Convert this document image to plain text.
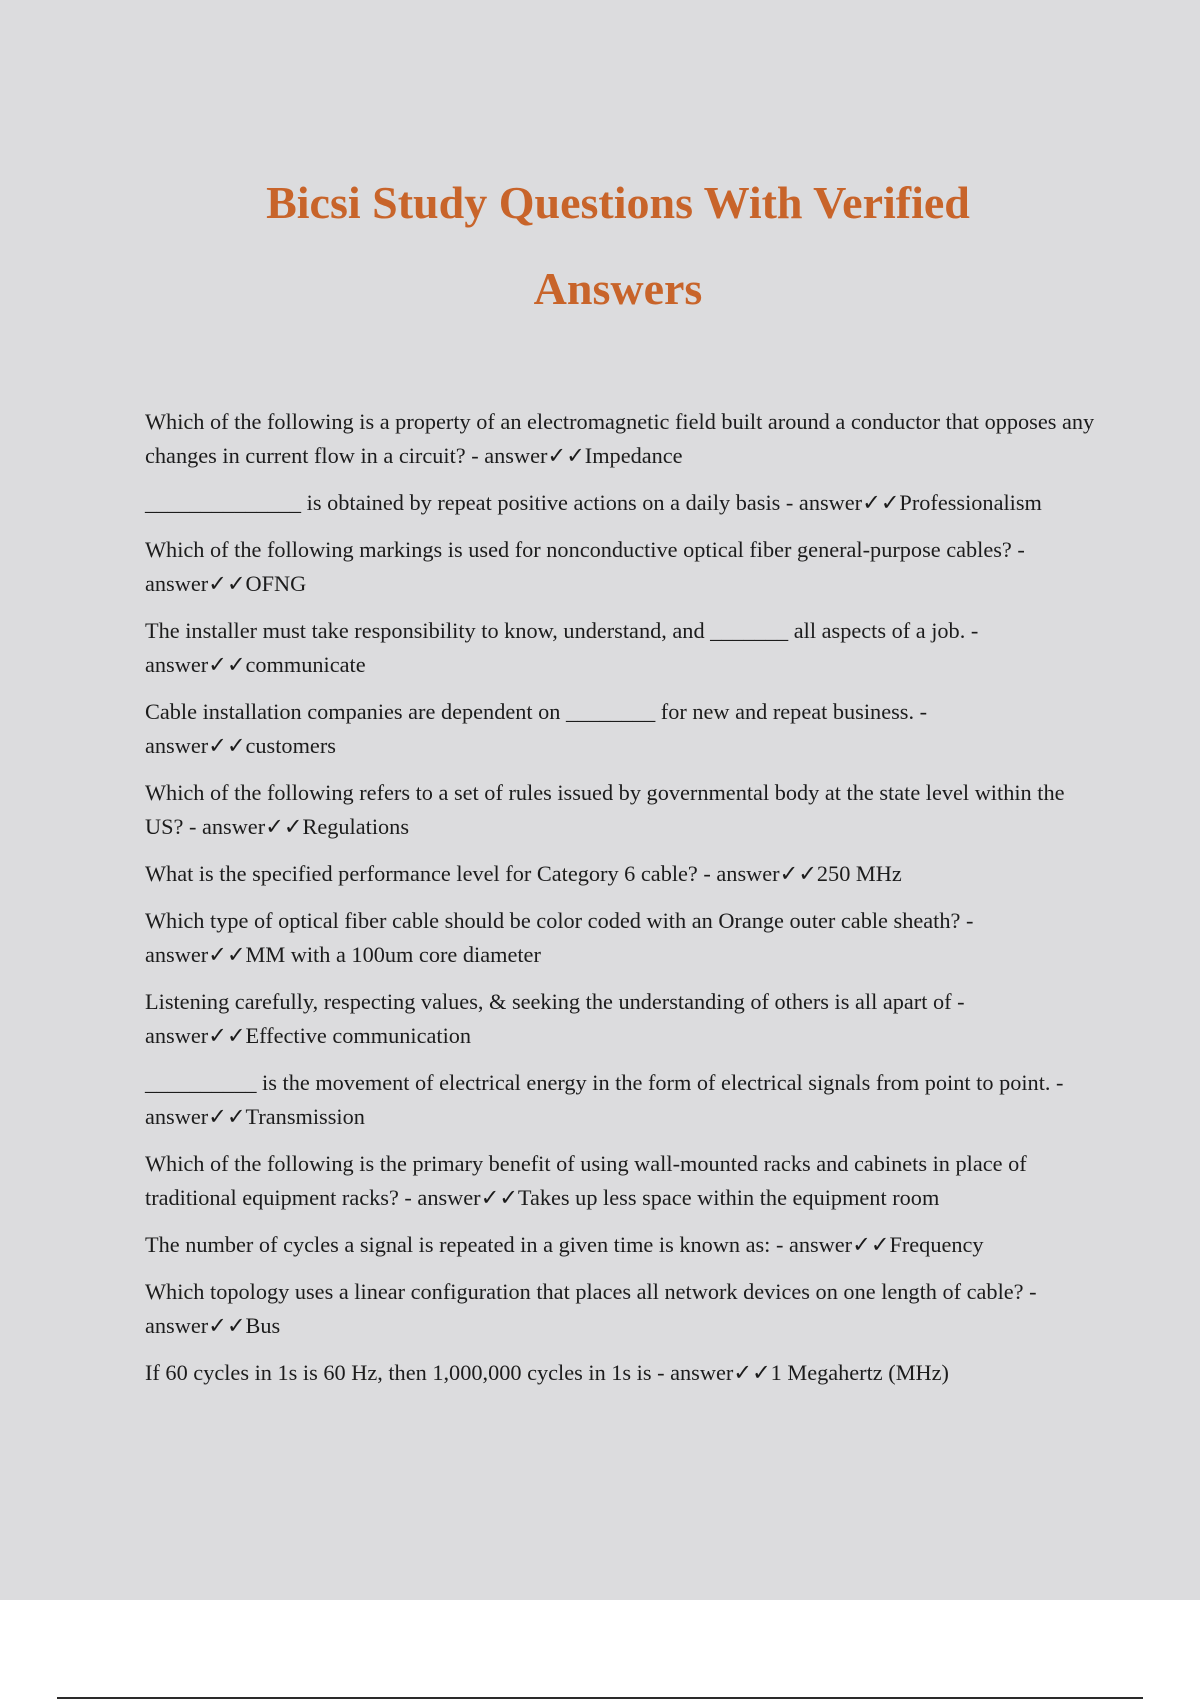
Bicsi Study Questions With Verified
Answers
Which of the following is a property of an electromagnetic field built around a conductor that opposes any changes in current flow in a circuit? - answer✓✓Impedance
______________ is obtained by repeat positive actions on a daily basis - answer✓✓Professionalism
Which of the following markings is used for nonconductive optical fiber general-purpose cables? - answer✓✓OFNG
The installer must take responsibility to know, understand, and _______ all aspects of a job. - answer✓✓communicate
Cable installation companies are dependent on ________ for new and repeat business. - answer✓✓customers
Which of the following refers to a set of rules issued by governmental body at the state level within the US? - answer✓✓Regulations
What is the specified performance level for Category 6 cable? - answer✓✓250 MHz
Which type of optical fiber cable should be color coded with an Orange outer cable sheath? - answer✓✓MM with a 100um core diameter
Listening carefully, respecting values, & seeking the understanding of others is all apart of - answer✓✓Effective communication
__________ is the movement of electrical energy in the form of electrical signals from point to point. - answer✓✓Transmission
Which of the following is the primary benefit of using wall-mounted racks and cabinets in place of traditional equipment racks? - answer✓✓Takes up less space within the equipment room
The number of cycles a signal is repeated in a given time is known as: - answer✓✓Frequency
Which topology uses a linear configuration that places all network devices on one length of cable? - answer✓✓Bus
If 60 cycles in 1s is 60 Hz, then 1,000,000 cycles in 1s is - answer✓✓1 Megahertz (MHz)
